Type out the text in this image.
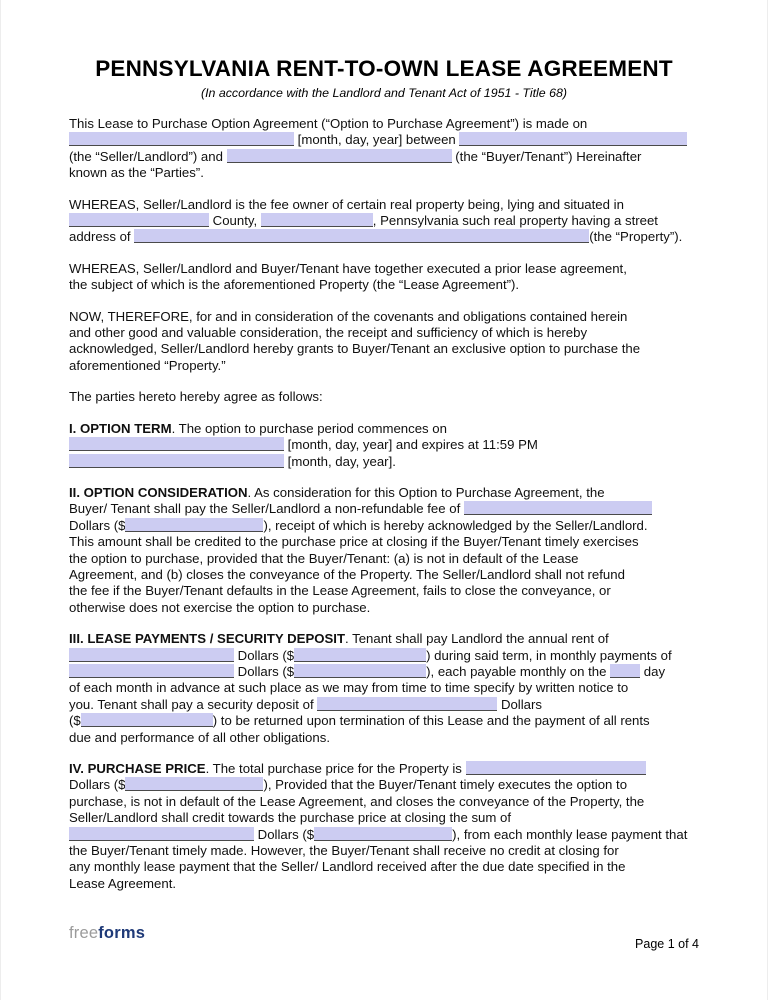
PENNSYLVANIA RENT-TO-OWN LEASE AGREEMENT
(In accordance with the Landlord and Tenant Act of 1951 - Title 68)

This Lease to Purchase Option Agreement (“Option to Purchase Agreement”) is made on
[month, day, year] between
(the “Seller/Landlord”) and	(the “Buyer/Tenant”) Hereinafter
known as the “Parties”.

WHEREAS, Seller/Landlord is the fee owner of certain real property being, lying and situated in
County,	, Pennsylvania such real property having a street
address of	(the “Property”).

WHEREAS, Seller/Landlord and Buyer/Tenant have together executed a prior lease agreement,
the subject of which is the aforementioned Property (the “Lease Agreement”).

NOW, THEREFORE, for and in consideration of the covenants and obligations contained herein
and other good and valuable consideration, the receipt and sufficiency of which is hereby
acknowledged, Seller/Landlord hereby grants to Buyer/Tenant an exclusive option to purchase the
aforementioned “Property.”

The parties hereto hereby agree as follows:

I. OPTION TERM. The option to purchase period commences on
[month, day, year] and expires at 11:59 PM
[month, day, year].

II. OPTION CONSIDERATION. As consideration for this Option to Purchase Agreement, the
Buyer/ Tenant shall pay the Seller/Landlord a non-refundable fee of
Dollars ($	), receipt of which is hereby acknowledged by the Seller/Landlord.
This amount shall be credited to the purchase price at closing if the Buyer/Tenant timely exercises
the option to purchase, provided that the Buyer/Tenant: (a) is not in default of the Lease
Agreement, and (b) closes the conveyance of the Property. The Seller/Landlord shall not refund
the fee if the Buyer/Tenant defaults in the Lease Agreement, fails to close the conveyance, or
otherwise does not exercise the option to purchase.

III. LEASE PAYMENTS / SECURITY DEPOSIT. Tenant shall pay Landlord the annual rent of
Dollars ($	) during said term, in monthly payments of
Dollars ($	), each payable monthly on the  day
of each month in advance at such place as we may from time to time specify by written notice to
you. Tenant shall pay a security deposit of	Dollars
($	) to be returned upon termination of this Lease and the payment of all rents
due and performance of all other obligations.

IV. PURCHASE PRICE. The total purchase price for the Property is
Dollars ($	), Provided that the Buyer/Tenant timely executes the option to
purchase, is not in default of the Lease Agreement, and closes the conveyance of the Property, the
Seller/Landlord shall credit towards the purchase price at closing the sum of
Dollars ($	), from each monthly lease payment that
the Buyer/Tenant timely made. However, the Buyer/Tenant shall receive no credit at closing for
any monthly lease payment that the Seller/ Landlord received after the due date specified in the
Lease Agreement.

freeforms
Page 1 of 4
